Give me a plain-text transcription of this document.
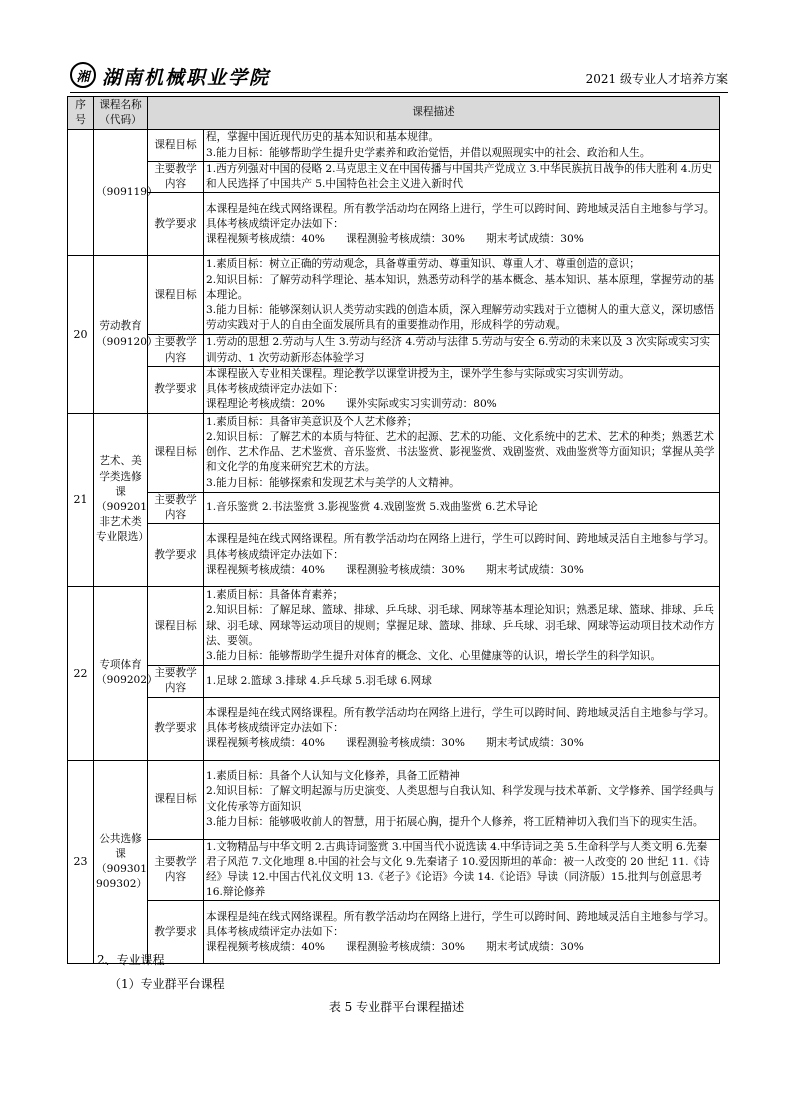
湘 湖南机械职业学院	2021 级专业人才培养方案
序号	课程名称（代码）	课程描述	
	（909119）	课程目标	程，掌握中国近现代历史的基本知识和基本规律。
3.能力目标：能够帮助学生提升史学素养和政治觉悟，并借以观照现实中的社会、政治和人生。

		主要教学内容	1.西方列强对中国的侵略 2.马克思主义在中国传播与中国共产党成立 3.中华民族抗日战争的伟大胜利 4.历史和人民选择了中国共产 5.中国特色社会主义进入新时代

		教学要求	本课程是纯在线式网络课程。所有教学活动均在网络上进行，学生可以跨时间、跨地域灵活自主地参与学习。
具体考核成绩评定办法如下：
课程视频考核成绩：40%　　课程测验考核成绩：30%　　期末考试成绩：30%

20	劳动教育（909120）	课程目标	1.素质目标：树立正确的劳动观念，具备尊重劳动、尊重知识、尊重人才、尊重创造的意识；
2.知识目标：了解劳动科学理论、基本知识，熟悉劳动科学的基本概念、基本知识、基本原理，掌握劳动的基本理论。
3.能力目标：能够深刻认识人类劳动实践的创造本质，深入理解劳动实践对于立德树人的重大意义，深切感悟劳动实践对于人的自由全面发展所具有的重要推动作用，形成科学的劳动观。

		主要教学内容	1.劳动的思想 2.劳动与人生 3.劳动与经济 4.劳动与法律 5.劳动与安全 6.劳动的未来以及 3 次实际或实习实训劳动、1 次劳动新形态体验学习

		教学要求	本课程嵌入专业相关课程。理论教学以课堂讲授为主，课外学生参与实际或实习实训劳动。
具体考核成绩评定办法如下：
课程理论考核成绩：20%　　课外实际或实习实训劳动：80%

21	艺术、美学类选修课（909201 非艺术类专业限选）	课程目标	1.素质目标：具备审美意识及个人艺术修养；
2.知识目标：了解艺术的本质与特征、艺术的起源、艺术的功能、文化系统中的艺术、艺术的种类；熟悉艺术创作、艺术作品、艺术鉴赏、音乐鉴赏、书法鉴赏、影视鉴赏、戏剧鉴赏、戏曲鉴赏等方面知识；掌握从美学和文化学的角度来研究艺术的方法。
3.能力目标：能够探索和发现艺术与美学的人文精神。

		主要教学内容	1.音乐鉴赏 2.书法鉴赏 3.影视鉴赏 4.戏剧鉴赏 5.戏曲鉴赏 6.艺术导论

		教学要求	本课程是纯在线式网络课程。所有教学活动均在网络上进行，学生可以跨时间、跨地域灵活自主地参与学习。
具体考核成绩评定办法如下：
课程视频考核成绩：40%　　课程测验考核成绩：30%　　期末考试成绩：30%

22	专项体育（909202）	课程目标	1.素质目标：具备体育素养；
2.知识目标：了解足球、篮球、排球、乒乓球、羽毛球、网球等基本理论知识；熟悉足球、篮球、排球、乒乓球、羽毛球、网球等运动项目的规则；掌握足球、篮球、排球、乒乓球、羽毛球、网球等运动项目技术动作方法、要领。
3.能力目标：能够帮助学生提升对体育的概念、文化、心里健康等的认识，增长学生的科学知识。

		主要教学内容	1.足球 2.篮球 3.排球 4.乒乓球 5.羽毛球 6.网球

		教学要求	本课程是纯在线式网络课程。所有教学活动均在网络上进行，学生可以跨时间、跨地域灵活自主地参与学习。
具体考核成绩评定办法如下：
课程视频考核成绩：40%　　课程测验考核成绩：30%　　期末考试成绩：30%

23	公共选修课（909301 909302）	课程目标	1.素质目标：具备个人认知与文化修养，具备工匠精神
2.知识目标：了解文明起源与历史演变、人类思想与自我认知、科学发现与技术革新、文学修养、国学经典与文化传承等方面知识
3.能力目标：能够吸收前人的智慧，用于拓展心胸，提升个人修养，将工匠精神切入我们当下的现实生活。

		主要教学内容	1.文物精品与中华文明 2.古典诗词鉴赏 3.中国当代小说选读 4.中华诗词之美 5.生命科学与人类文明 6.先秦君子风范 7.文化地理 8.中国的社会与文化 9.先秦诸子 10.爱因斯坦的革命：被一人改变的 20 世纪 11.《诗经》导读 12.中国古代礼仪文明 13.《老子》《论语》今读 14.《论语》导读（同济版）15.批判与创意思考 16.辩论修养

		教学要求	本课程是纯在线式网络课程。所有教学活动均在网络上进行，学生可以跨时间、跨地域灵活自主地参与学习。
具体考核成绩评定办法如下：
课程视频考核成绩：40%　　课程测验考核成绩：30%　　期末考试成绩：30%
2、专业课程
（1）专业群平台课程
表 5 专业群平台课程描述
